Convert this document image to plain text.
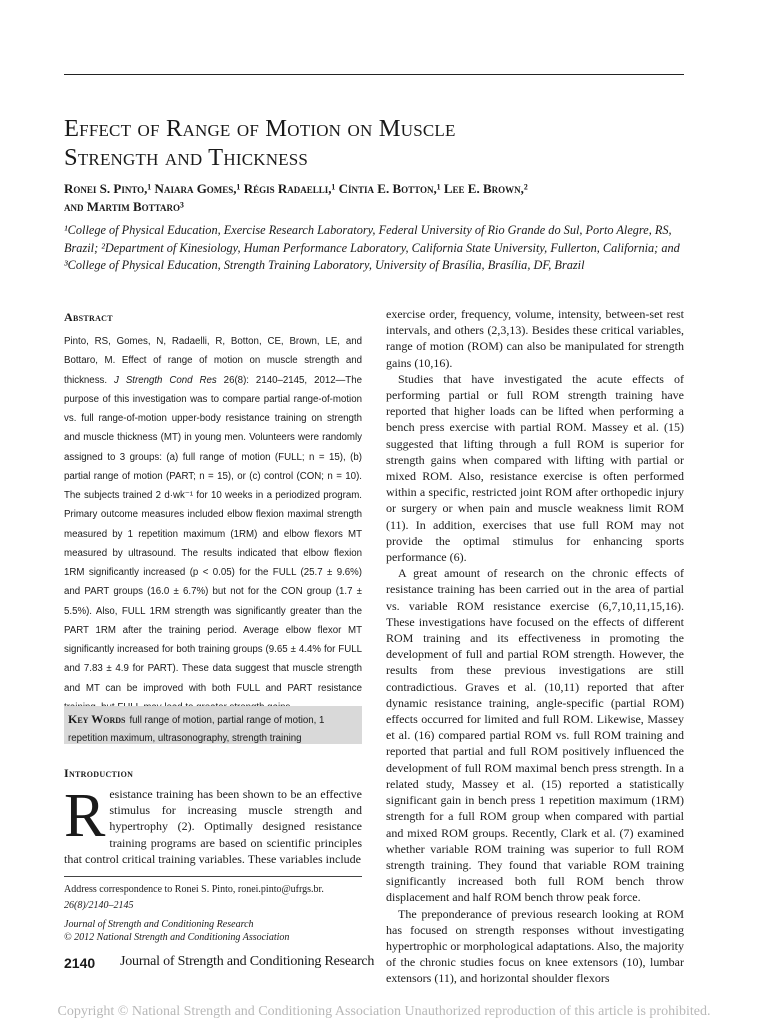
Effect of Range of Motion on Muscle
Strength and Thickness
Ronei S. Pinto,¹ Naiara Gomes,¹ Régis Radaelli,¹ Cíntia E. Botton,¹ Lee E. Brown,²
and Martim Bottaro³
¹College of Physical Education, Exercise Research Laboratory, Federal University of Rio Grande do Sul, Porto Alegre, RS, Brazil; ²Department of Kinesiology, Human Performance Laboratory, California State University, Fullerton, California; and ³College of Physical Education, Strength Training Laboratory, University of Brasília, Brasília, DF, Brazil
Abstract
Pinto, RS, Gomes, N, Radaelli, R, Botton, CE, Brown, LE, and Bottaro, M. Effect of range of motion on muscle strength and thickness. J Strength Cond Res 26(8): 2140–2145, 2012—The purpose of this investigation was to compare partial range-of-motion vs. full range-of-motion upper-body resistance training on strength and muscle thickness (MT) in young men. Volunteers were randomly assigned to 3 groups: (a) full range of motion (FULL; n = 15), (b) partial range of motion (PART; n = 15), or (c) control (CON; n = 10). The subjects trained 2 d·wk⁻¹ for 10 weeks in a periodized program. Primary outcome measures included elbow flexion maximal strength measured by 1 repetition maximum (1RM) and elbow flexors MT measured by ultrasound. The results indicated that elbow flexion 1RM significantly increased (p < 0.05) for the FULL (25.7 ± 9.6%) and PART groups (16.0 ± 6.7%) but not for the CON group (1.7 ± 5.5%). Also, FULL 1RM strength was significantly greater than the PART 1RM after the training period. Average elbow flexor MT significantly increased for both training groups (9.65 ± 4.4% for FULL and 7.83 ± 4.9 for PART). These data suggest that muscle strength and MT can be improved with both FULL and PART resistance
Key Words full range of motion, partial range of motion, 1 repetition maximum, ultrasonography, strength training
Introduction
Resistance training has been shown to be an effective stimulus for increasing muscle strength and hypertrophy (2). Optimally designed resistance training programs are based on scientific principles that control critical training variables. These variables include
Address correspondence to Ronei S. Pinto, ronei.pinto@ufrgs.br.
26(8)/2140–2145
Journal of Strength and Conditioning Research
© 2012 National Strength and Conditioning Association
2140 Journal of Strength and Conditioning Research

exercise order, frequency, volume, intensity, between-set rest intervals, and others (2,3,13). Besides these critical variables, range of motion (ROM) can also be manipulated for strength gains (10,16).

Studies that have investigated the acute effects of performing partial or full ROM strength training have reported that higher loads can be lifted when performing a bench press exercise with partial ROM. Massey et al. (15) suggested that lifting through a full ROM is superior for strength gains when compared with lifting with partial or mixed ROM. Also, resistance exercise is often performed within a specific, restricted joint ROM after orthopedic injury or surgery or when pain and muscle weakness limit ROM (11). In addition, exercises that use full ROM may not provide the optimal stimulus for enhancing sports performance (6).

A great amount of research on the chronic effects of resistance training has been carried out in the area of partial vs. variable ROM resistance exercise (6,7,10,11,15,16). These investigations have focused on the effects of different ROM training and its effectiveness in promoting the development of full and partial ROM strength. However, the results from these previous investigations are still contradictious. Graves et al. (10,11) reported that after dynamic resistance training, angle-specific (partial ROM) effects occurred for limited and full ROM. Likewise, Massey et al. (16) compared partial ROM vs. full ROM training and reported that partial and full ROM positively influenced the development of full ROM maximal bench press strength. In a related study, Massey et al. (15) reported a statistically significant gain in bench press 1 repetition maximum (1RM) strength for a full ROM group when compared with partial and mixed ROM groups. Recently, Clark et al. (7) examined whether variable ROM training was superior to full ROM strength training. They found that variable ROM training significantly increased both full ROM bench throw displacement and half ROM bench throw peak force.

The preponderance of previous research looking at ROM has focused on strength responses without investigating hypertrophic or morphological adaptations. Also, the majority of the chronic studies focus on knee extensors (10), lumbar extensors (11), and horizontal shoulder flexors

Copyright © National Strength and Conditioning Association Unauthorized reproduction of this article is prohibited.
